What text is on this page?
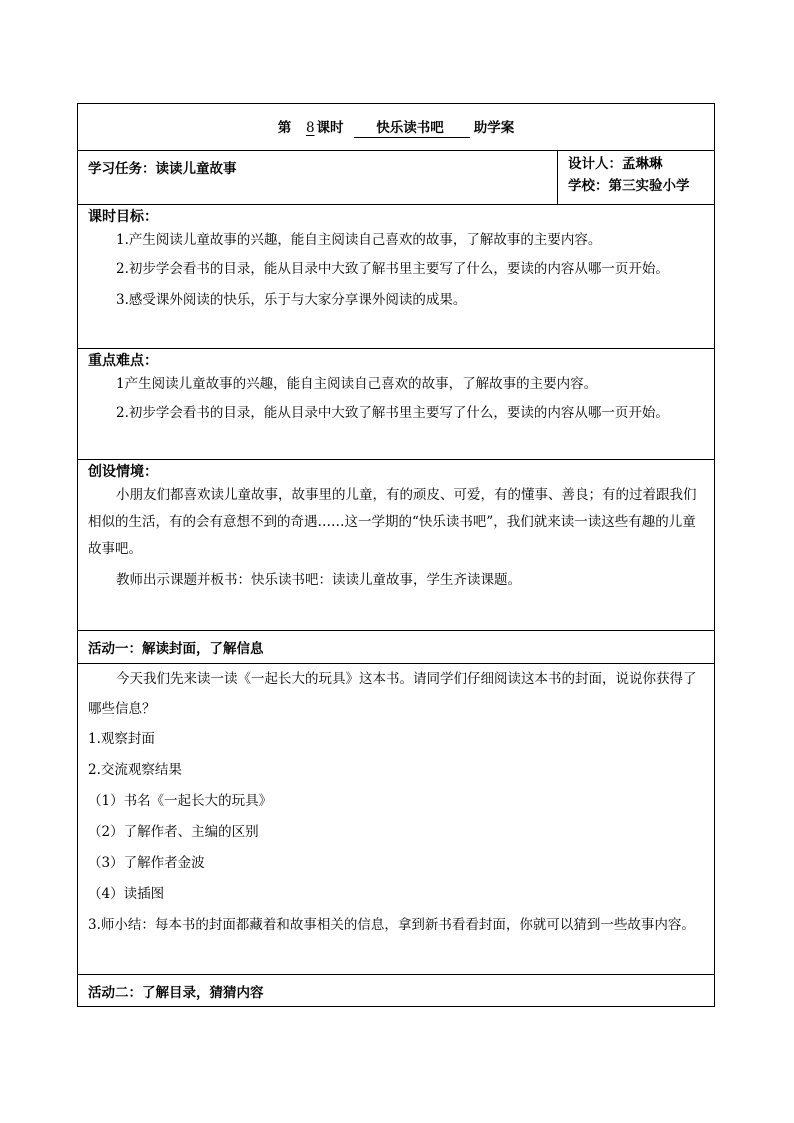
第 8 课时 快乐读书吧 助学案
学习任务：读读儿童故事	设计人：孟琳琳
学校：第三实验小学

课时目标：

1.产生阅读儿童故事的兴趣，能自主阅读自己喜欢的故事，了解故事的主要内容。

2.初步学会看书的目录，能从目录中大致了解书里主要写了什么，要读的内容从哪一页开始。

3.感受课外阅读的快乐，乐于与大家分享课外阅读的成果。

重点难点：

1产生阅读儿童故事的兴趣，能自主阅读自己喜欢的故事，了解故事的主要内容。

2.初步学会看书的目录，能从目录中大致了解书里主要写了什么，要读的内容从哪一页开始。

创设情境：

小朋友们都喜欢读儿童故事，故事里的儿童，有的顽皮、可爱，有的懂事、善良；有的过着跟我们相似的生活，有的会有意想不到的奇遇……这一学期的“快乐读书吧”，我们就来读一读这些有趣的儿童故事吧。

教师出示课题并板书：快乐读书吧：读读儿童故事，学生齐读课题。

活动一：解读封面，了解信息

今天我们先来读一读《一起长大的玩具》这本书。请同学们仔细阅读这本书的封面，说说你获得了哪些信息？

1.观察封面

2.交流观察结果

（1）书名《一起长大的玩具》

（2）了解作者、主编的区别

（3）了解作者金波

（4）读插图

3.师小结：每本书的封面都藏着和故事相关的信息，拿到新书看看封面，你就可以猜到一些故事内容。

活动二：了解目录，猜猜内容
